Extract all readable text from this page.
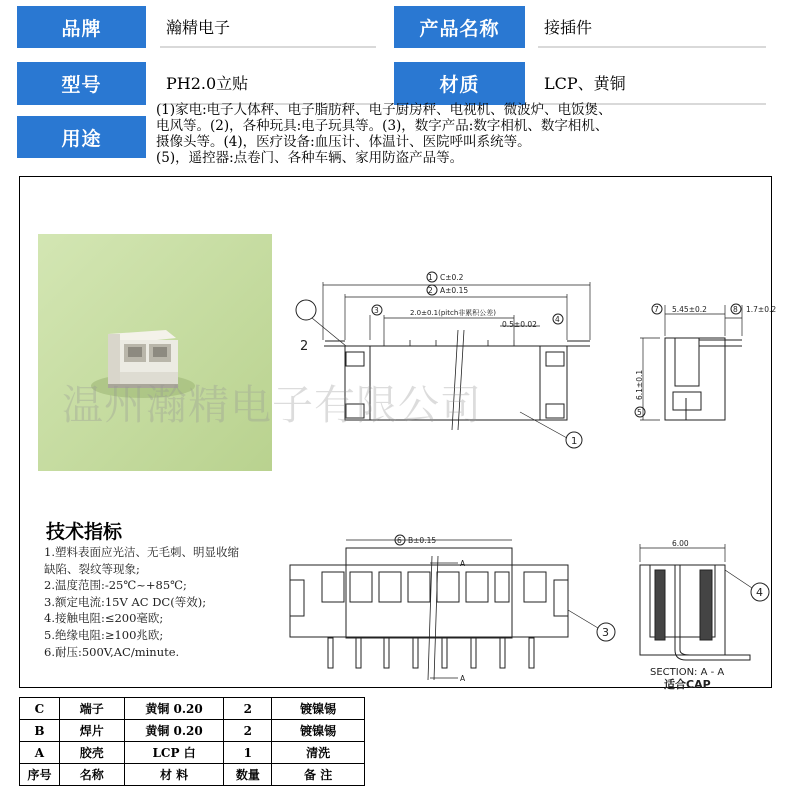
品牌	瀚精电子	产品名称	接插件
型号	PH2.0立贴	材质	LCP、黄铜
用途
(1)家电:电子人体秤、电子脂肪秤、电子厨房秤、电视机、微波炉、电饭煲、
电风等。(2)，各种玩具:电子玩具等。(3)，数字产品:数字相机、数字相机、
摄像头等。(4)，医疗设备:血压计、体温计、医院呼叫系统等。
(5)，遥控器:点卷门、各种车辆、家用防盗产品等。
1 C±0.2
2 A±0.15
3	2.0±0.1(pitch非累积公差)
0.5±0.02
4
7 5.45±0.2	8 1.7±0.2
5
6.1±0.1
6 B±0.15	6.00
A
A
2
1
3
4
SECTION: A - A
适合CAP
温州瀚精电子有限公司
技术指标
1.塑料表面应光洁、无毛刺、明显收缩
缺陷、裂纹等现象;
2.温度范围:-25℃~+85℃;
3.额定电流:15V AC DC(等效);
4.接触电阻:≤200毫欧;
5.绝缘电阻:≥100兆欧;
6.耐压:500V,AC/minute.
C	端子	黄铜 0.20	2	镀镍锡
B	焊片	黄铜 0.20	2	镀镍锡
A	胶壳	LCP 白	1	清洗
序号	名称	材 料	数量	备 注
